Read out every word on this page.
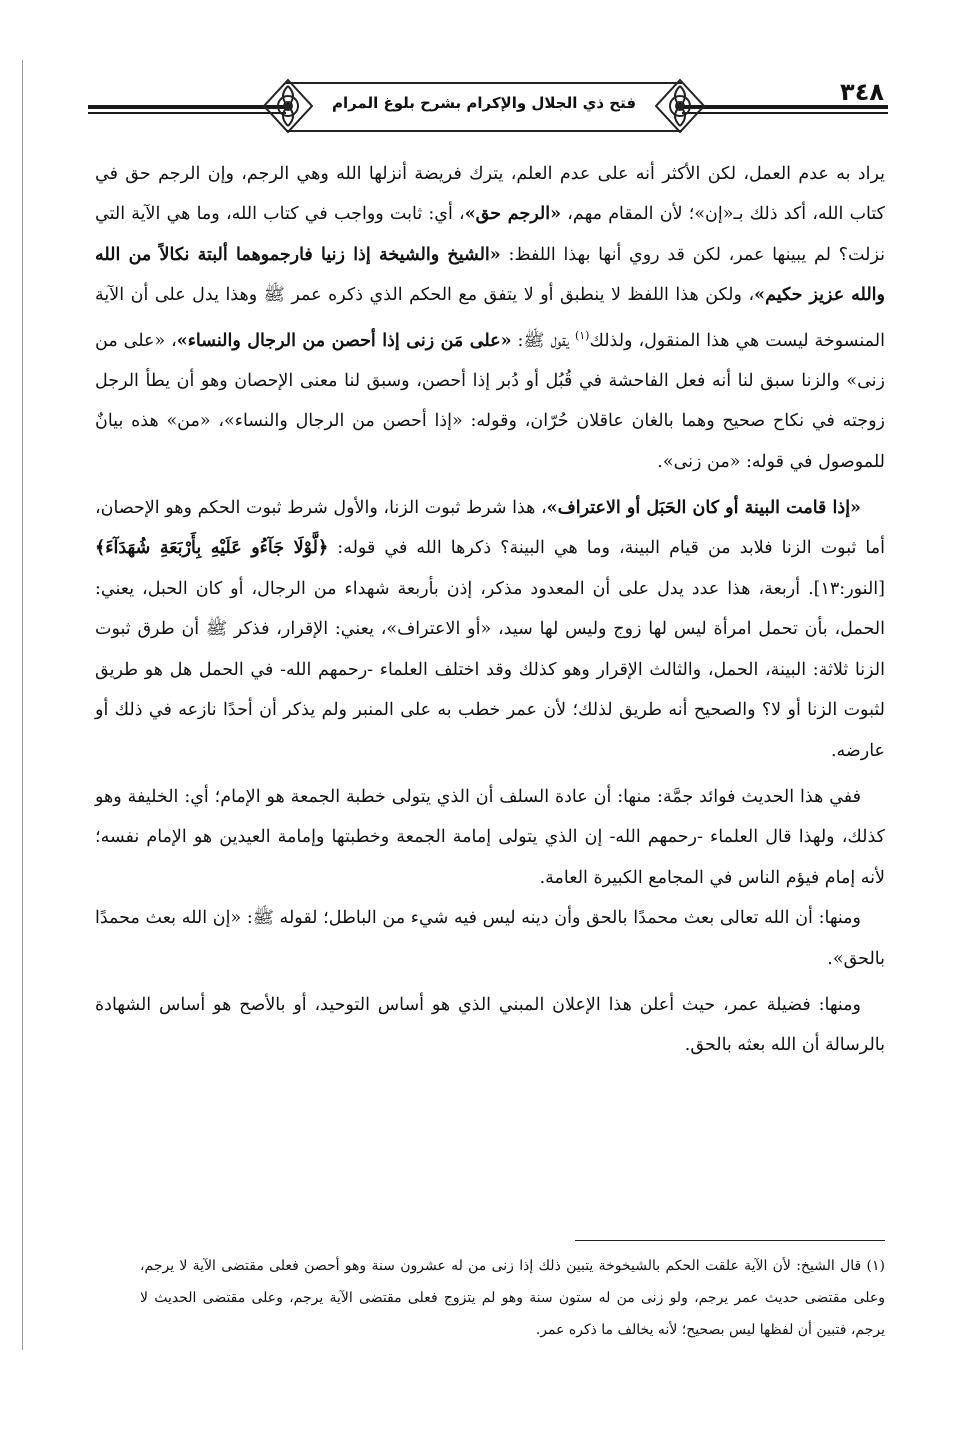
فتح ذي الجلال والإكرام بشرح بلوغ المرام	٣٤٨

يراد به عدم العمل، لكن الأكثر أنه على عدم العلم، يترك فريضة أنزلها الله وهي الرجم، وإن الرجم حق في كتاب الله، أكد ذلك بـ«إن»؛ لأن المقام مهم، «الرجم حق»، أي: ثابت وواجب في كتاب الله، وما هي الآية التي نزلت؟ لم يبينها عمر، لكن قد روي أنها بهذا اللفظ: «الشيخ والشيخة إذا زنيا فارجموهما ألبتة نكالاً من الله والله عزيز حكيم»، ولكن هذا اللفظ لا ينطبق أو لا يتفق مع الحكم الذي ذكره عمر ﷺ وهذا يدل على أن الآية المنسوخة ليست هي هذا المنقول، ولذلك$^{(١)}$ يقول ﷺ: «على مَن زنى إذا أحصن من الرجال والنساء»، «على من زنى» والزنا سبق لنا أنه فعل الفاحشة في قُبُل أو دُبر إذا أحصن، وسبق لنا معنى الإحصان وهو أن يطأ الرجل زوجته في نكاح صحيح وهما بالغان عاقلان حُرّان، وقوله: «إذا أحصن من الرجال والنساء»، «من» هذه بيانٌ للموصول في قوله: «من زنى».

«إذا قامت البينة أو كان الحَبَل أو الاعتراف»، هذا شرط ثبوت الزنا، والأول شرط ثبوت الحكم وهو الإحصان، أما ثبوت الزنا فلابد من قيام البينة، وما هي البينة؟ ذكرها الله في قوله: ﴿لَّوْلَا جَآءُو عَلَيْهِ بِأَرْبَعَةِ شُهَدَآءَ﴾ [النور:١٣]. أربعة، هذا عدد يدل على أن المعدود مذكر، إذن بأربعة شهداء من الرجال، أو كان الحبل، يعني: الحمل، بأن تحمل امرأة ليس لها زوج وليس لها سيد، «أو الاعتراف»، يعني: الإقرار، فذكر ﷺ أن طرق ثبوت الزنا ثلاثة: البينة، الحمل، والثالث الإقرار وهو كذلك وقد اختلف العلماء -رحمهم الله- في الحمل هل هو طريق لثبوت الزنا أو لا؟ والصحيح أنه طريق لذلك؛ لأن عمر خطب به على المنبر ولم يذكر أن أحدًا نازعه في ذلك أو عارضه.

ففي هذا الحديث فوائد جمَّة: منها: أن عادة السلف أن الذي يتولى خطبة الجمعة هو الإمام؛ أي: الخليفة وهو كذلك، ولهذا قال العلماء -رحمهم الله- إن الذي يتولى إمامة الجمعة وخطبتها وإمامة العيدين هو الإمام نفسه؛ لأنه إمام فيؤم الناس في المجامع الكبيرة العامة.

ومنها: أن الله تعالى بعث محمدًا بالحق وأن دينه ليس فيه شيء من الباطل؛ لقوله ﷺ: «إن الله بعث محمدًا بالحق».

ومنها: فضيلة عمر، حيث أعلن هذا الإعلان المبني الذي هو أساس التوحيد، أو بالأصح هو أساس الشهادة بالرسالة أن الله بعثه بالحق.

(١) قال الشيخ: لأن الآية علقت الحكم بالشيخوخة يتبين ذلك إذا زنى من له عشرون سنة وهو أحصن فعلى مقتضى الآية لا يرجم، وعلى مقتضى حديث عمر يرجم، ولو زنى من له ستون سنة وهو لم يتزوج فعلى مقتضى الآية يرجم، وعلى مقتضى الحديث لا يرجم، فتبين أن لفظها ليس بصحيح؛ لأنه يخالف ما ذكره عمر.
